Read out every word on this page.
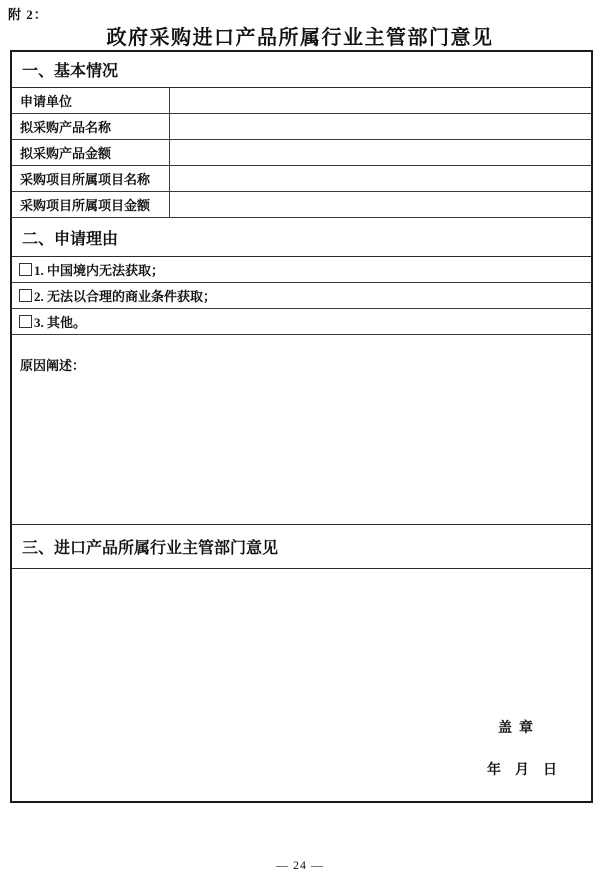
附 2：
政府采购进口产品所属行业主管部门意见
一、基本情况
申请单位
拟采购产品名称
拟采购产品金额
采购项目所属项目名称
采购项目所属项目金额
二、申请理由
1. 中国境内无法获取；
2. 无法以合理的商业条件获取；
3. 其他。
原因阐述：
三、进口产品所属行业主管部门意见
盖  章
年    月    日
— 24 —
